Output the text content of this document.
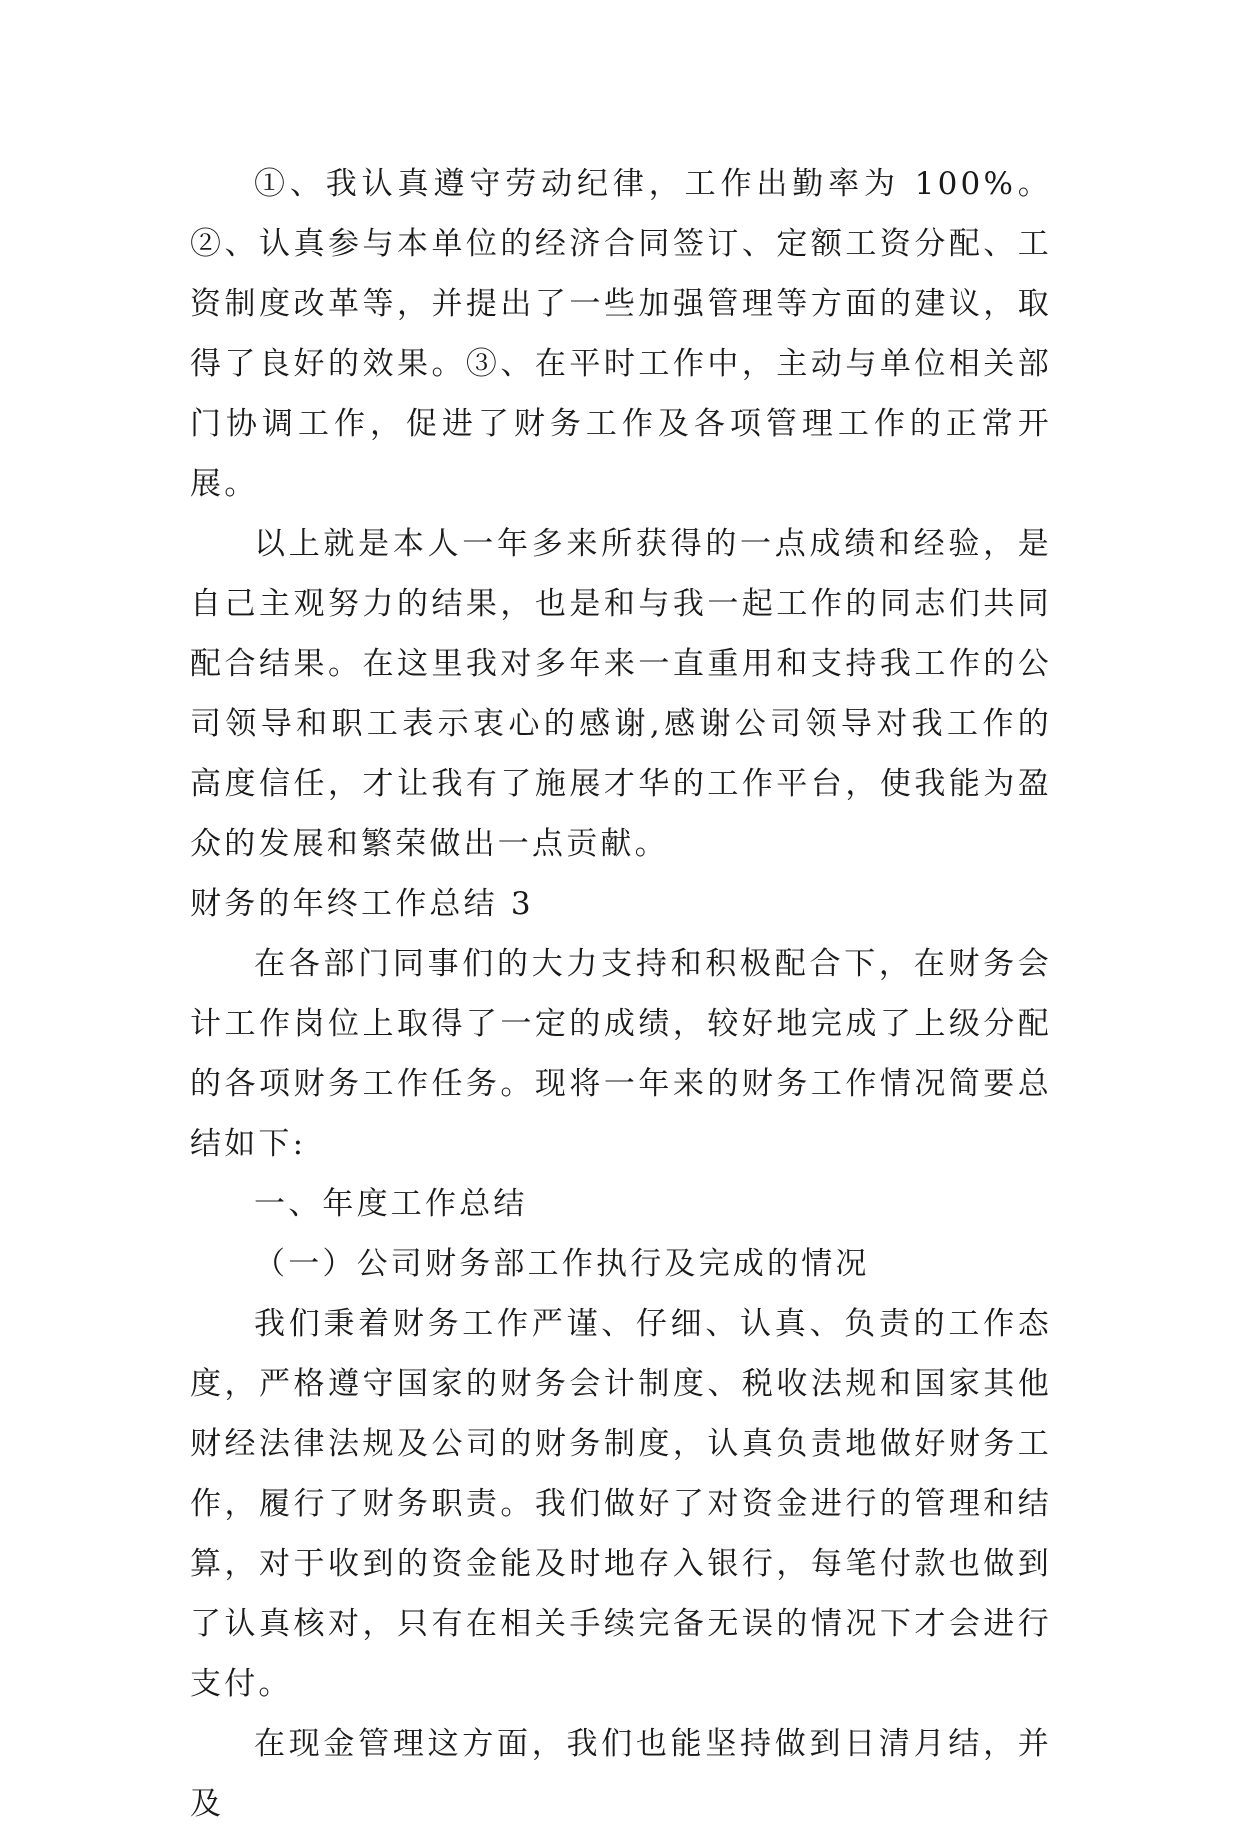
①、我认真遵守劳动纪律，工作出勤率为 100%。②、认真参与本单位的经济合同签订、定额工资分配、工资制度改革等，并提出了一些加强管理等方面的建议，取得了良好的效果。③、在平时工作中，主动与单位相关部门协调工作，促进了财务工作及各项管理工作的正常开展。

以上就是本人一年多来所获得的一点成绩和经验，是自己主观努力的结果，也是和与我一起工作的同志们共同配合结果。在这里我对多年来一直重用和支持我工作的公司领导和职工表示衷心的感谢,感谢公司领导对我工作的高度信任，才让我有了施展才华的工作平台，使我能为盈众的发展和繁荣做出一点贡献。

财务的年终工作总结 3

在各部门同事们的大力支持和积极配合下，在财务会计工作岗位上取得了一定的成绩，较好地完成了上级分配的各项财务工作任务。现将一年来的财务工作情况简要总结如下:

一、年度工作总结

（一）公司财务部工作执行及完成的情况

我们秉着财务工作严谨、仔细、认真、负责的工作态度，严格遵守国家的财务会计制度、税收法规和国家其他财经法律法规及公司的财务制度，认真负责地做好财务工作，履行了财务职责。我们做好了对资金进行的管理和结算，对于收到的资金能及时地存入银行，每笔付款也做到了认真核对，只有在相关手续完备无误的情况下才会进行支付。

在现金管理这方面，我们也能坚持做到日清月结，并及
